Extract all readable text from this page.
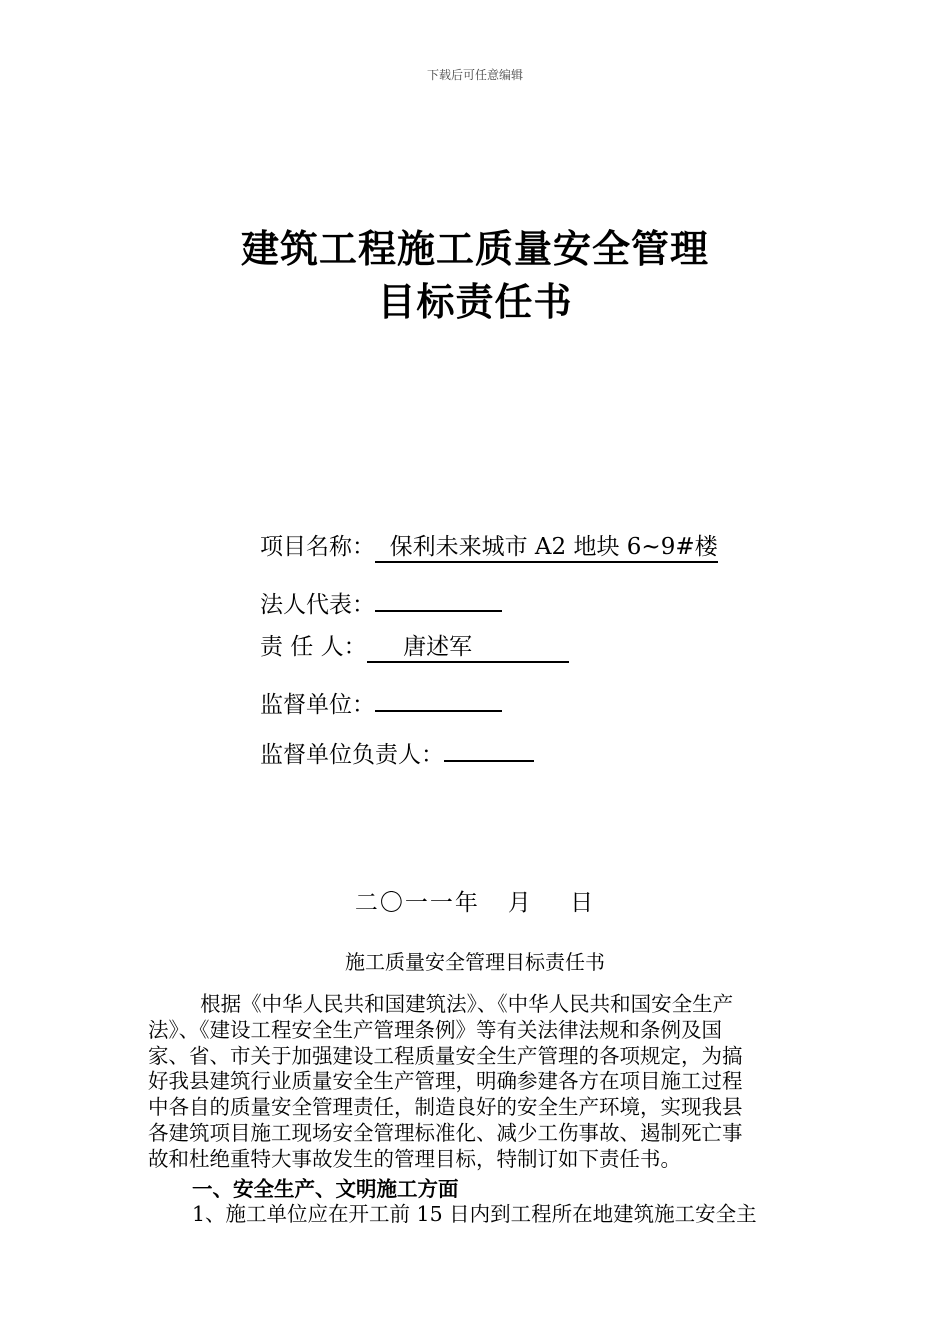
下载后可任意编辑
建筑工程施工质量安全管理
目标责任书
项目名称：  保利未来城市 A2 地块 6~9#楼
法人代表：
责 任 人：     唐述军
监督单位：
监督单位负责人：
二〇一一年   月    日
施工质量安全管理目标责任书
根据《中华人民共和国建筑法》、《中华人民共和国安全生产
法》、《建设工程安全生产管理条例》等有关法律法规和条例及国
家、省、市关于加强建设工程质量安全生产管理的各项规定，为搞
好我县建筑行业质量安全生产管理，明确参建各方在项目施工过程
中各自的质量安全管理责任，制造良好的安全生产环境，实现我县
各建筑项目施工现场安全管理标准化、减少工伤事故、遏制死亡事
故和杜绝重特大事故发生的管理目标，特制订如下责任书。
一、安全生产、文明施工方面
1、施工单位应在开工前 15 日内到工程所在地建筑施工安全主
